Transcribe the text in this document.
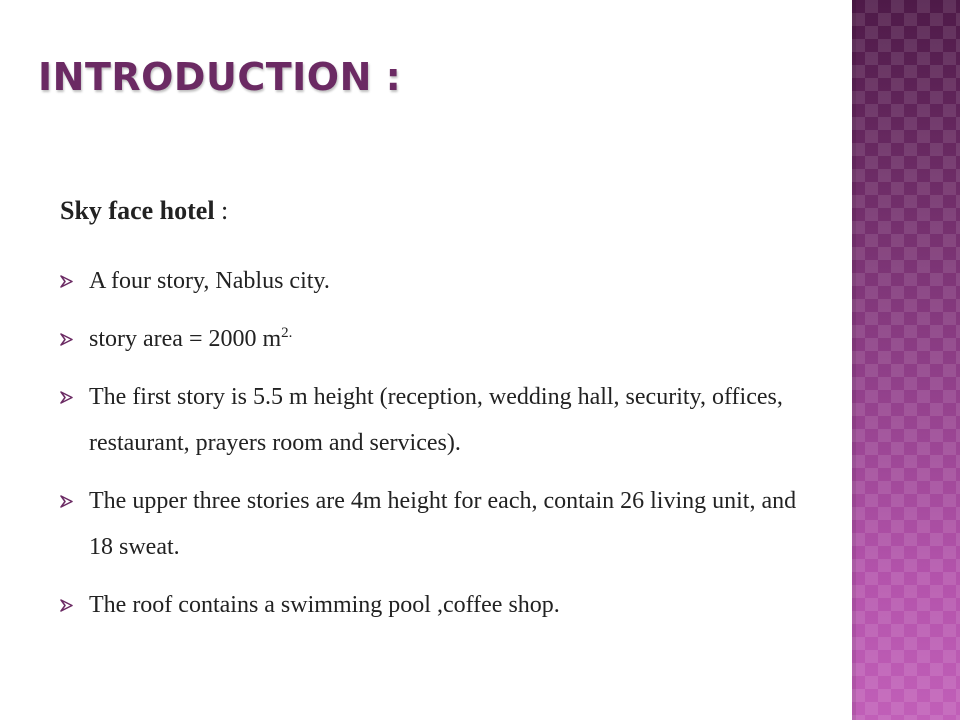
INTRODUCTION :
Sky face hotel :
A four story, Nablus city.
story area = 2000 $m^{2.}$
The first story is 5.5 m height (reception, wedding hall, security, offices, restaurant, prayers room and services).
The upper three stories are 4m height for each, contain 26 living unit, and 18 sweat.
The roof contains a swimming pool ,coffee shop.
